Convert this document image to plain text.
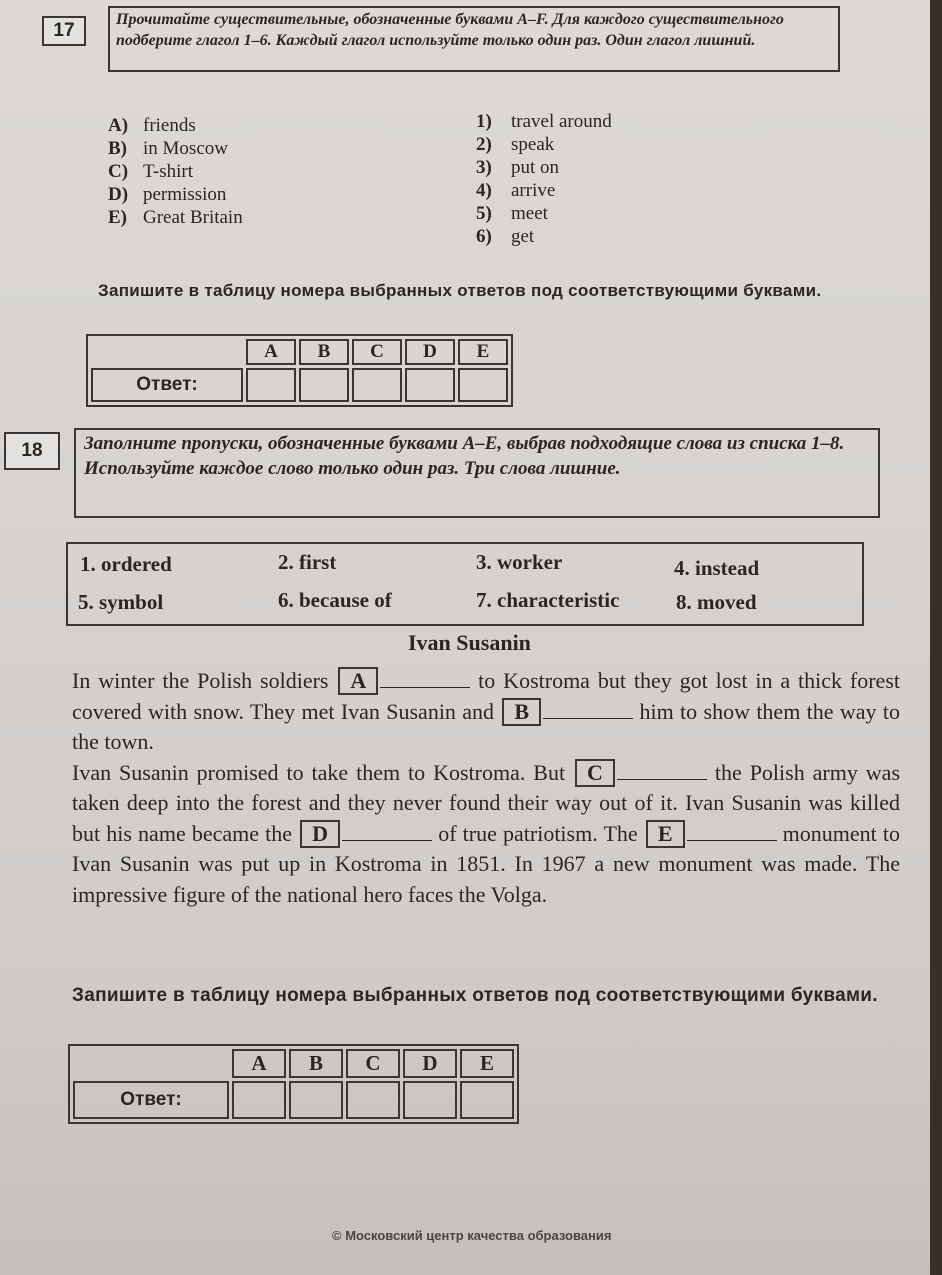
17
Прочитайте существительные, обозначенные буквами A–F. Для каждого существительного подберите глагол 1–6. Каждый глагол используйте только один раз. Один глагол лишний.
A) friends
B) in Moscow
C) T-shirt
D) permission
E) Great Britain
1)	travel around
2)	speak
3)	put on
4)	arrive
5)	meet
6)	get
Запишите в таблицу номера выбранных ответов под соответствующими буквами.
	A	B	C	D	E
Ответ:					
18	Заполните пропуски, обозначенные буквами A–E, выбрав подходящие слова из списка 1–8. Используйте каждое слово только один раз. Три слова лишние.
1. ordered	2. first	3. worker	4. instead
5. symbol	6. because of	7. characteristic	8. moved
Ivan Susanin
In winter the Polish soldiers A	to Kostroma but they got lost in a thick forest covered with snow. They met Ivan Susanin and B	him to show them the way to the town.
Ivan Susanin promised to take them to Kostroma. But C	the Polish army was taken deep into the forest and they never found their way out of it. Ivan Susanin was killed but his name became the D	of true patriotism. The E	monument to Ivan Susanin was put up in Kostroma in 1851. In 1967 a new monument was made. The impressive figure of the national hero faces the Volga.
Запишите в таблицу номера выбранных ответов под соответствующими буквами.
	A	B	C	D	E
Ответ:					
© Московский центр качества образования
